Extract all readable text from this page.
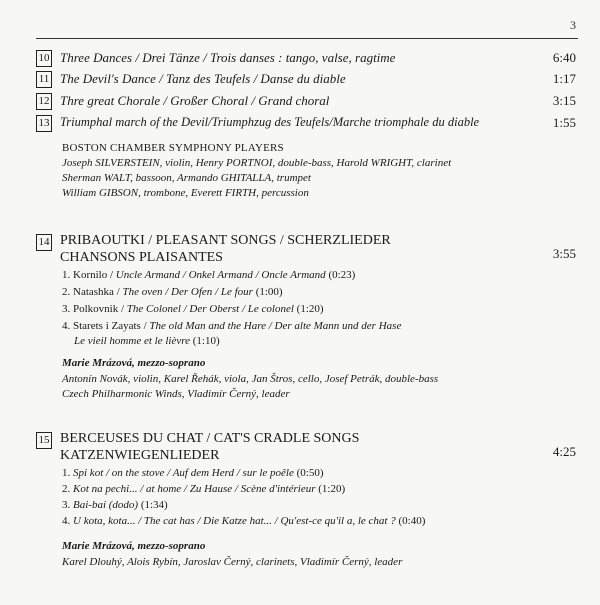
3
10 Three Dances / Drei Tänze / Trois danses : tango, valse, ragtime	6:40
11 The Devil's Dance / Tanz des Teufels / Danse du diable	1:17
12 Thre great Chorale / Großer Choral / Grand choral	3:15
13 Triumphal march of the Devil/Triumphzug des Teufels/Marche triomphale du diable	1:55
BOSTON CHAMBER SYMPHONY PLAYERS
Joseph SILVERSTEIN, violin, Henry PORTNOI, double-bass, Harold WRIGHT, clarinet
Sherman WALT, bassoon, Armando GHITALLA, trumpet
William GIBSON, trombone, Everett FIRTH, percussion
14 PRIBAOUTKI / PLEASANT SONGS / SCHERZLIEDER
CHANSONS PLAISANTES	3:55
1. Kornilo / Uncle Armand / Onkel Armand / Oncle Armand (0:23)
2. Natashka / The oven / Der Ofen / Le four (1:00)
3. Polkovnik / The Colonel / Der Oberst / Le colonel (1:20)
4. Starets i Zayats / The old Man and the Hare / Der alte Mann und der Hase
Le vieil homme et le lièvre (1:10)
Marie Mrázová, mezzo-soprano
Antonín Novák, violin, Karel Řehák, viola, Jan Štros, cello, Josef Petrák, double-bass
Czech Philharmonic Winds, Vladimír Černý, leader
15 BERCEUSES DU CHAT / CAT'S CRADLE SONGS
KATZENWIEGENLIEDER	4:25
1. Spi kot / on the stove / Auf dem Herd / sur le poêle (0:50)
2. Kot na pechi... / at home / Zu Hause / Scène d'intérieur (1:20)
3. Bai-bai (dodo) (1:34)
4. U kota, kota... / The cat has / Die Katze hat... / Qu'est-ce qu'il a, le chat ? (0:40)
Marie Mrázová, mezzo-soprano
Karel Dlouhý, Alois Rybín, Jaroslav Černý, clarinets, Vladimír Černý, leader
